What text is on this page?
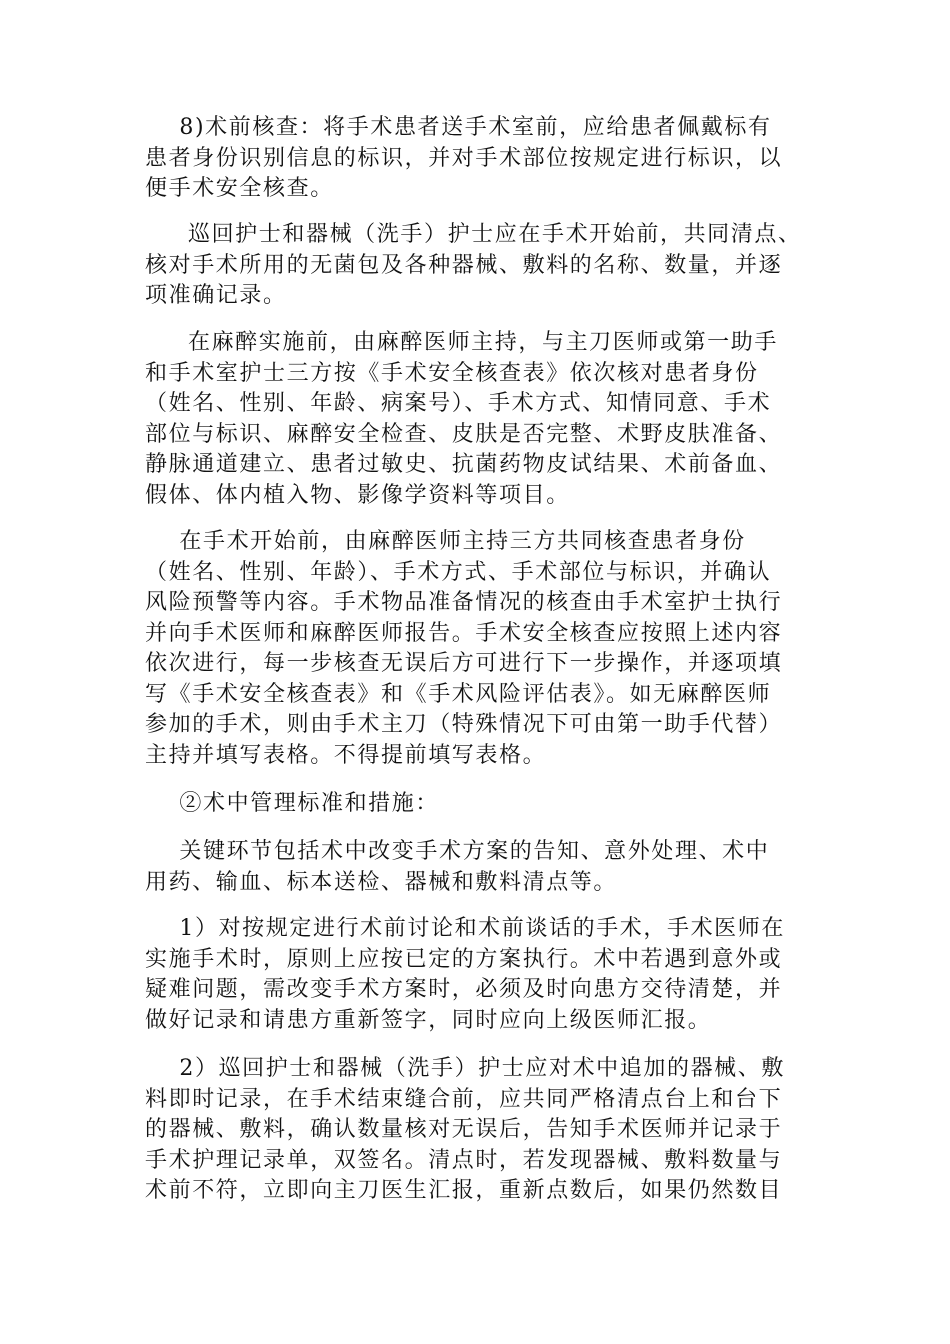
8)术前核查：将手术患者送手术室前，应给患者佩戴标有
患者身份识别信息的标识，并对手术部位按规定进行标识，以
便手术安全核查。
巡回护士和器械（洗手）护士应在手术开始前，共同清点、
核对手术所用的无菌包及各种器械、敷料的名称、数量，并逐
项准确记录。
在麻醉实施前，由麻醉医师主持，与主刀医师或第一助手
和手术室护士三方按《手术安全核查表》依次核对患者身份
（姓名、性别、年龄、病案号）、手术方式、知情同意、手术
部位与标识、麻醉安全检查、皮肤是否完整、术野皮肤准备、
静脉通道建立、患者过敏史、抗菌药物皮试结果、术前备血、
假体、体内植入物、影像学资料等项目。
在手术开始前，由麻醉医师主持三方共同核查患者身份
（姓名、性别、年龄）、手术方式、手术部位与标识，并确认
风险预警等内容。手术物品准备情况的核查由手术室护士执行
并向手术医师和麻醉医师报告。手术安全核查应按照上述内容
依次进行，每一步核查无误后方可进行下一步操作，并逐项填
写《手术安全核查表》和《手术风险评估表》。如无麻醉医师
参加的手术，则由手术主刀（特殊情况下可由第一助手代替）
主持并填写表格。不得提前填写表格。
②术中管理标准和措施：
关键环节包括术中改变手术方案的告知、意外处理、术中
用药、输血、标本送检、器械和敷料清点等。
1）对按规定进行术前讨论和术前谈话的手术，手术医师在
实施手术时，原则上应按已定的方案执行。术中若遇到意外或
疑难问题，需改变手术方案时，必须及时向患方交待清楚，并
做好记录和请患方重新签字，同时应向上级医师汇报。
2）巡回护士和器械（洗手）护士应对术中追加的器械、敷
料即时记录，在手术结束缝合前，应共同严格清点台上和台下
的器械、敷料，确认数量核对无误后，告知手术医师并记录于
手术护理记录单，双签名。清点时，若发现器械、敷料数量与
术前不符，立即向主刀医生汇报，重新点数后，如果仍然数目
